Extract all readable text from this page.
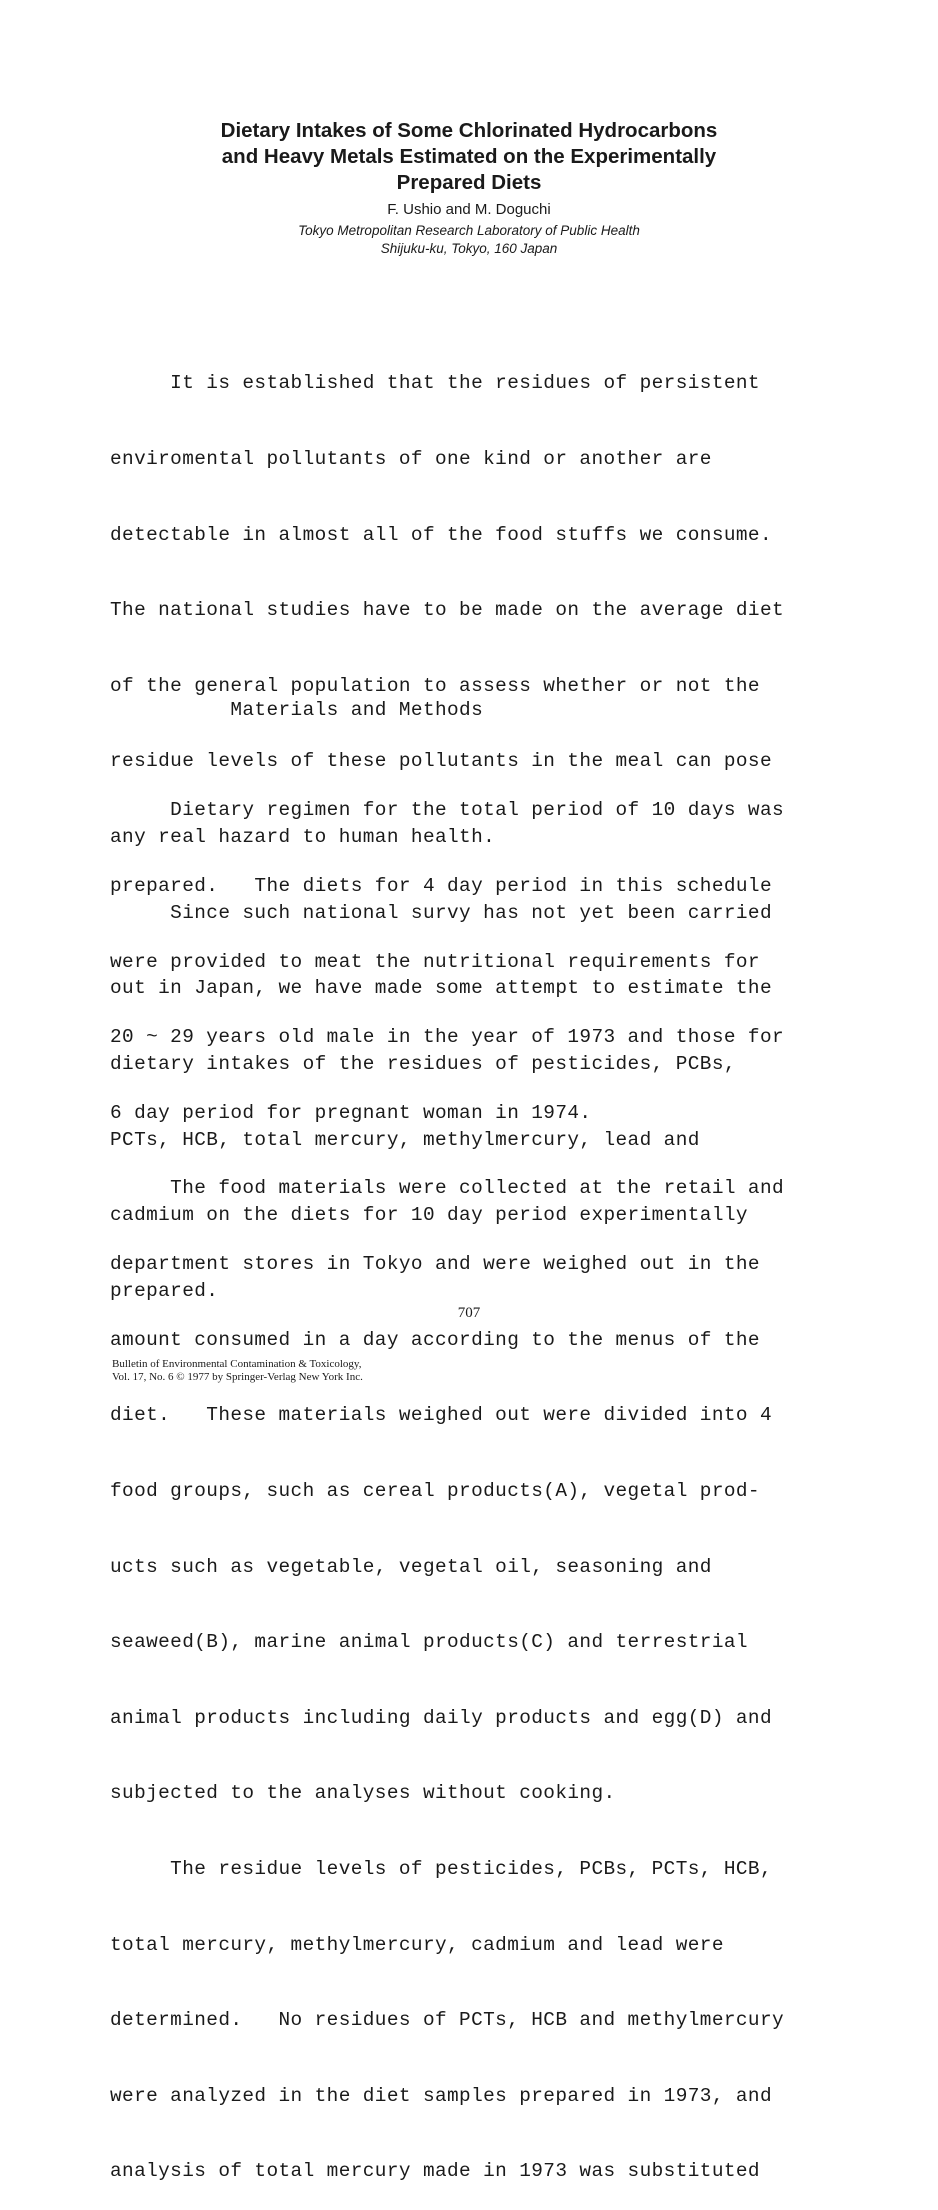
Dietary Intakes of Some Chlorinated Hydrocarbons
and Heavy Metals Estimated on the Experimentally
Prepared Diets
F. Ushio and M. Doguchi
Tokyo Metropolitan Research Laboratory of Public Health
Shijuku-ku, Tokyo, 160 Japan

It is established that the residues of persistent

enviromental pollutants of one kind or another are

detectable in almost all of the food stuffs we consume.

The national studies have to be made on the average diet

of the general population to assess whether or not the

residue levels of these pollutants in the meal can pose

any real hazard to human health.

Since such national survy has not yet been carried

out in Japan, we have made some attempt to estimate the

dietary intakes of the residues of pesticides, PCBs,

PCTs, HCB, total mercury, methylmercury, lead and

cadmium on the diets for 10 day period experimentally

prepared.

Materials and Methods

Dietary regimen for the total period of 10 days was

prepared.   The diets for 4 day period in this schedule

were provided to meat the nutritional requirements for

20 ~ 29 years old male in the year of 1973 and those for

6 day period for pregnant woman in 1974.

The food materials were collected at the retail and

department stores in Tokyo and were weighed out in the

amount consumed in a day according to the menus of the

diet.   These materials weighed out were divided into 4

food groups, such as cereal products(A), vegetal prod-

ucts such as vegetable, vegetal oil, seasoning and

seaweed(B), marine animal products(C) and terrestrial

animal products including daily products and egg(D) and

subjected to the analyses without cooking.

The residue levels of pesticides, PCBs, PCTs, HCB,

total mercury, methylmercury, cadmium and lead were

determined.   No residues of PCTs, HCB and methylmercury

were analyzed in the diet samples prepared in 1973, and

analysis of total mercury made in 1973 was substituted

707
Bulletin of Environmental Contamination & Toxicology,
Vol. 17, No. 6 © 1977 by Springer-Verlag New York Inc.
